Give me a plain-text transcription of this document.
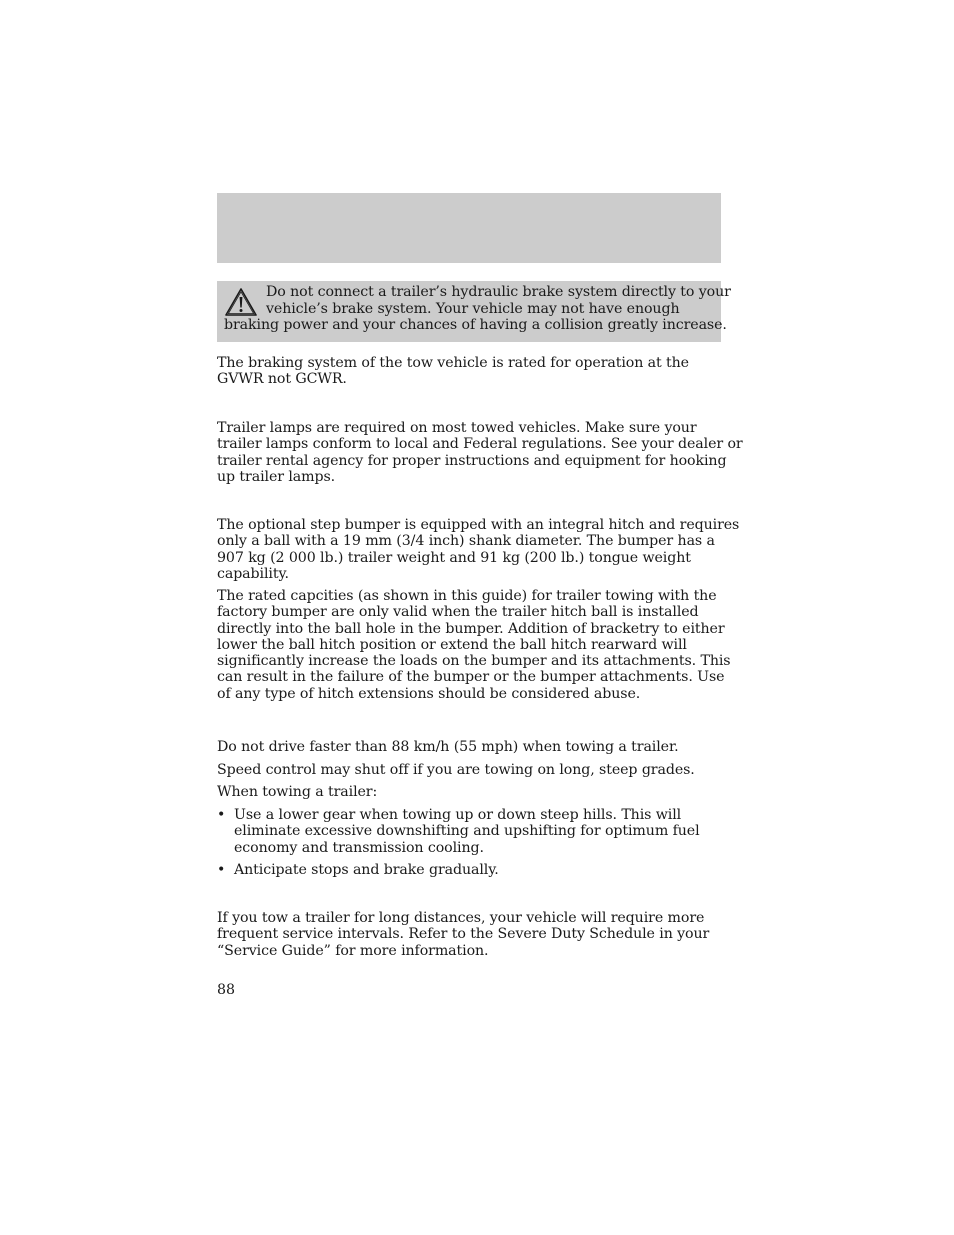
Do not connect a trailer’s hydraulic brake system directly to your
vehicle’s brake system. Your vehicle may not have enough
braking power and your chances of having a collision greatly increase.
The braking system of the tow vehicle is rated for operation at the
GVWR not GCWR.
Trailer lamps are required on most towed vehicles. Make sure your
trailer lamps conform to local and Federal regulations. See your dealer or
trailer rental agency for proper instructions and equipment for hooking
up trailer lamps.
The optional step bumper is equipped with an integral hitch and requires
only a ball with a 19 mm (3/4 inch) shank diameter. The bumper has a
907 kg (2 000 lb.) trailer weight and 91 kg (200 lb.) tongue weight
capability.
The rated capcities (as shown in this guide) for trailer towing with the
factory bumper are only valid when the trailer hitch ball is installed
directly into the ball hole in the bumper. Addition of bracketry to either
lower the ball hitch position or extend the ball hitch rearward will
significantly increase the loads on the bumper and its attachments. This
can result in the failure of the bumper or the bumper attachments. Use
of any type of hitch extensions should be considered abuse.
Do not drive faster than 88 km/h (55 mph) when towing a trailer.
Speed control may shut off if you are towing on long, steep grades.
When towing a trailer:
• Use a lower gear when towing up or down steep hills. This will
eliminate excessive downshifting and upshifting for optimum fuel
economy and transmission cooling.
• Anticipate stops and brake gradually.
If you tow a trailer for long distances, your vehicle will require more
frequent service intervals. Refer to the Severe Duty Schedule in your
“Service Guide” for more information.
88
